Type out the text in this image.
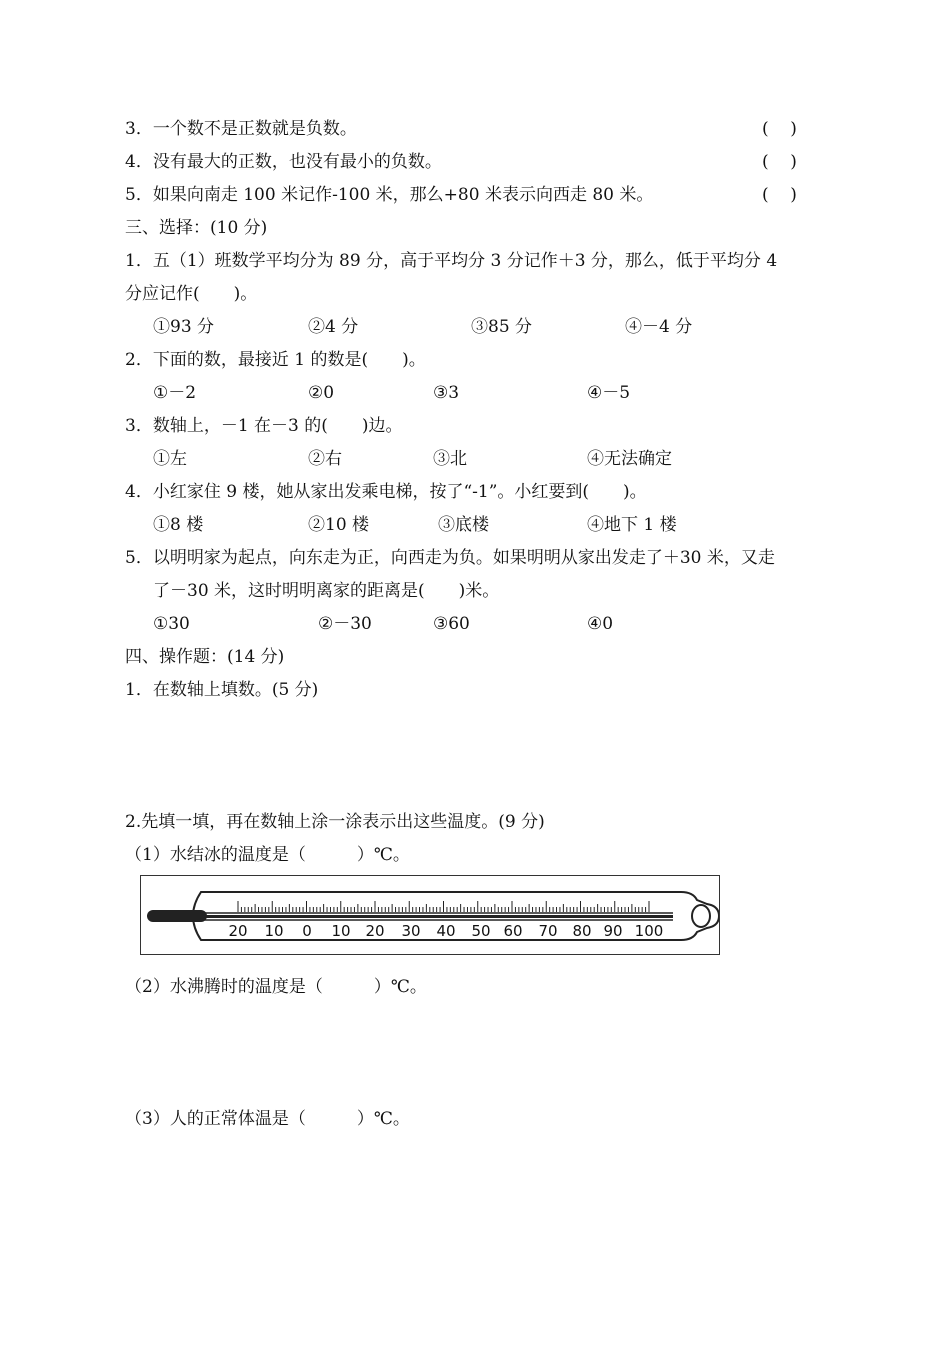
3．一个数不是正数就是负数。	(    )
4．没有最大的正数，也没有最小的负数。	(    )
5．如果向南走 100 米记作-100 米，那么+80 米表示向西走 80 米。	(    )
三、选择：(10 分)
1．五（1）班数学平均分为 89 分，高于平均分 3 分记作＋3 分，那么，低于平均分 4
分应记作(　　)。
①93 分	②4 分	③85 分	④－4 分
2．下面的数，最接近 1 的数是(　　)。
①－2	②0	③3	④－5
3．数轴上，－1 在－3 的(　　)边。
①左	②右	③北	④无法确定
4．小红家住 9 楼，她从家出发乘电梯，按了“-1”。小红要到(　　)。
①8 楼	②10 楼	③底楼	④地下 1 楼
5．以明明家为起点，向东走为正，向西走为负。如果明明从家出发走了＋30 米，又走
了－30 米，这时明明离家的距离是(　　)米。
①30	②－30	③60	④0
四、操作题：(14 分)
1．在数轴上填数。(5 分)
2.先填一填，再在数轴上涂一涂表示出这些温度。(9 分)
（1）水结冰的温度是（　　　）℃。
20 10 0 10 20 30 40 50 60 70 80 90 100
（2）水沸腾时的温度是（　　　）℃。
（3）人的正常体温是（　　　）℃。
